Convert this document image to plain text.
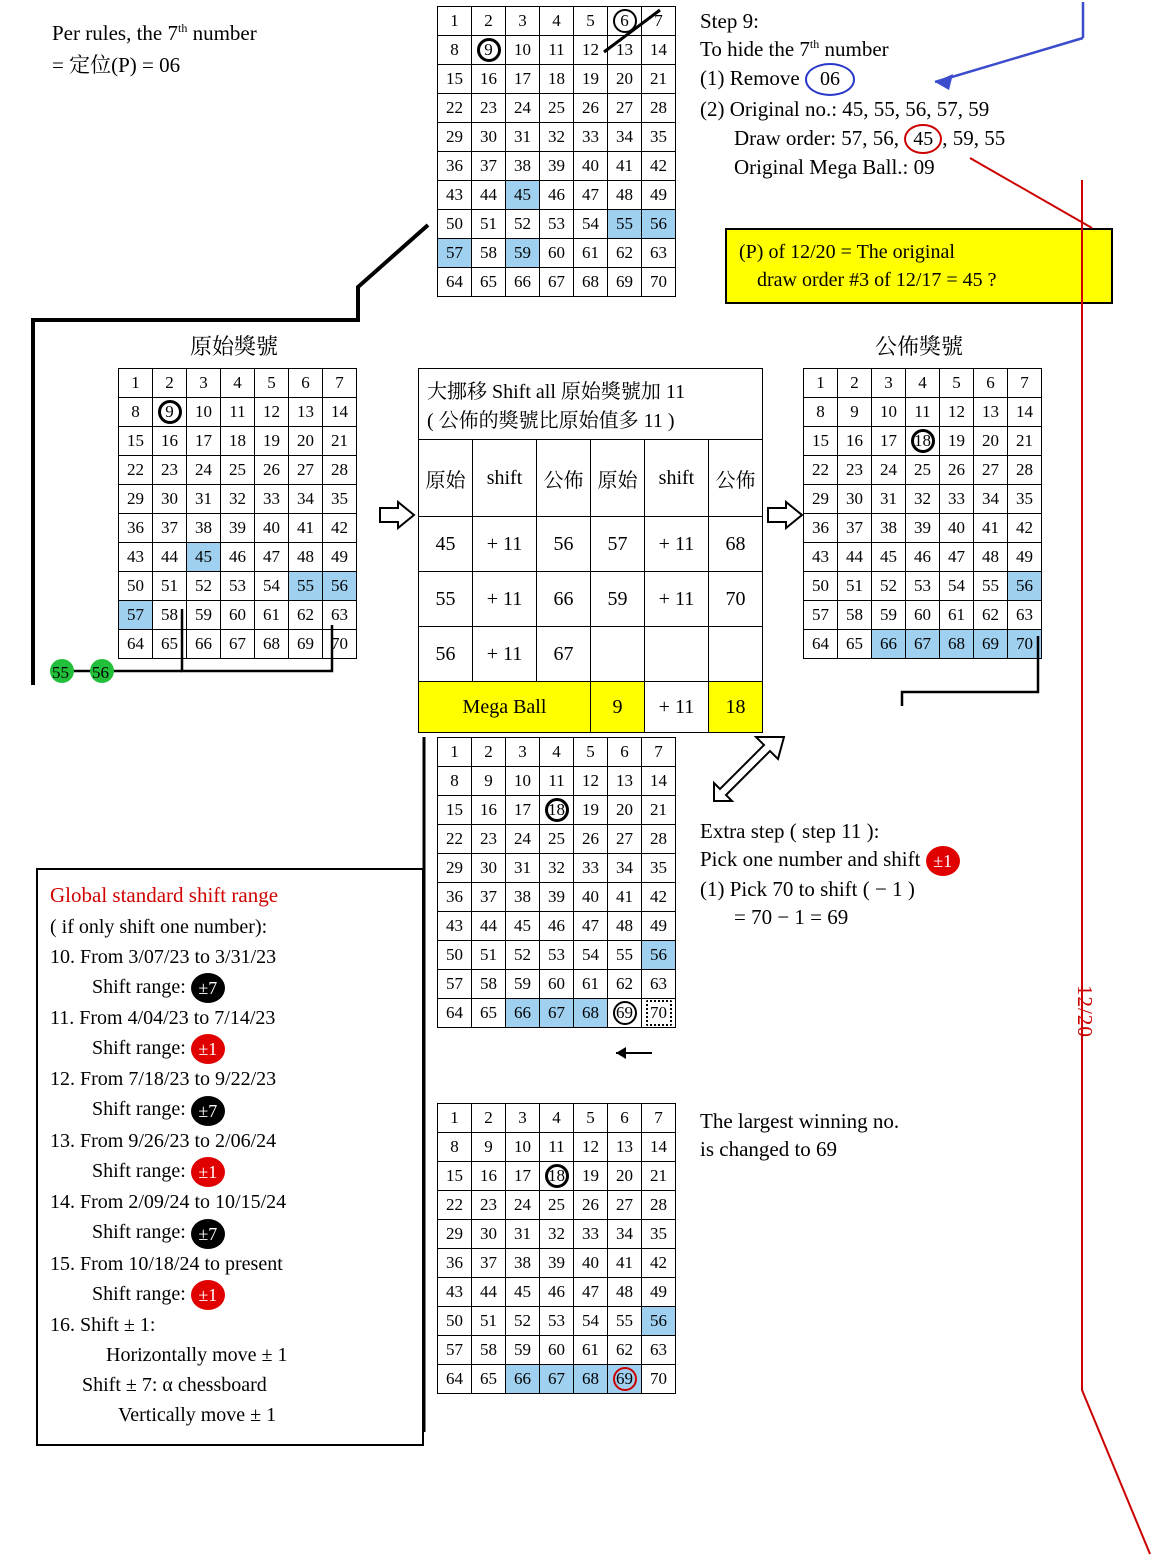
Per rules, the 7th number
= 定位(P) = 06
1	2	3	4	5	6	7
8	9	10	11	12	13	14
15	16	17	18	19	20	21
22	23	24	25	26	27	28
29	30	31	32	33	34	35
36	37	38	39	40	41	42
43	44	45	46	47	48	49
50	51	52	53	54	55	56
57	58	59	60	61	62	63
64	65	66	67	68	69	70
Step 9:
To hide the 7th number
(1) Remove 06
(2) Original no.: 45, 55, 56, 57, 59
Draw order: 57, 56, 45 , 59, 55
Original Mega Ball.: 09
(P) of 12/20 = The original
draw order #3 of 12/17 = 45 ?
原始獎號	公佈獎號
1	2	3	4	5	6	7
8	9	10	11	12	13	14
15	16	17	18	19	20	21
22	23	24	25	26	27	28
29	30	31	32	33	34	35
36	37	38	39	40	41	42
43	44	45	46	47	48	49
50	51	52	53	54	55	56
57	58	59	60	61	62	63
64	65	66	67	68	69	70
55 56
大挪移 Shift all 原始獎號加 11
( 公佈的獎號比原始值多 11 )					

原始	shift	公佈	原始	shift	公佈
45	+ 11	56	57	+ 11	68
55	+ 11	66	59	+ 11	70
56	+ 11	67			
Mega Ball			9	+ 11	18
1	2	3	4	5	6	7
8	9	10	11	12	13	14
15	16	17	18	19	20	21
22	23	24	25	26	27	28
29	30	31	32	33	34	35
36	37	38	39	40	41	42
43	44	45	46	47	48	49
50	51	52	53	54	55	56
57	58	59	60	61	62	63
64	65	66	67	68	69	70
1	2	3	4	5	6	7
8	9	10	11	12	13	14
15	16	17	18	19	20	21
22	23	24	25	26	27	28
29	30	31	32	33	34	35
36	37	38	39	40	41	42
43	44	45	46	47	48	49
50	51	52	53	54	55	56
57	58	59	60	61	62	63
64	65	66	67	68	69	70
Extra step ( step 11 ):
Pick one number and shift ±1
(1) Pick 70 to shift ( − 1 )
= 70 − 1 = 69
1	2	3	4	5	6	7
8	9	10	11	12	13	14
15	16	17	18	19	20	21
22	23	24	25	26	27	28
29	30	31	32	33	34	35
36	37	38	39	40	41	42
43	44	45	46	47	48	49
50	51	52	53	54	55	56
57	58	59	60	61	62	63
64	65	66	67	68	69	70
The largest winning no.
is changed to 69
Global standard shift range
( if only shift one number):
10. From 3/07/23 to 3/31/23
Shift range: ±7
11. From 4/04/23 to 7/14/23
Shift range: ±1
12. From 7/18/23 to 9/22/23
Shift range: ±7
13. From 9/26/23 to 2/06/24
Shift range: ±1
14. From 2/09/24 to 10/15/24
Shift range: ±7
15. From 10/18/24 to present
Shift range: ±1
16. Shift ± 1:
Horizontally move ± 1
Shift ± 7: α chessboard
Vertically move ± 1
12/20
